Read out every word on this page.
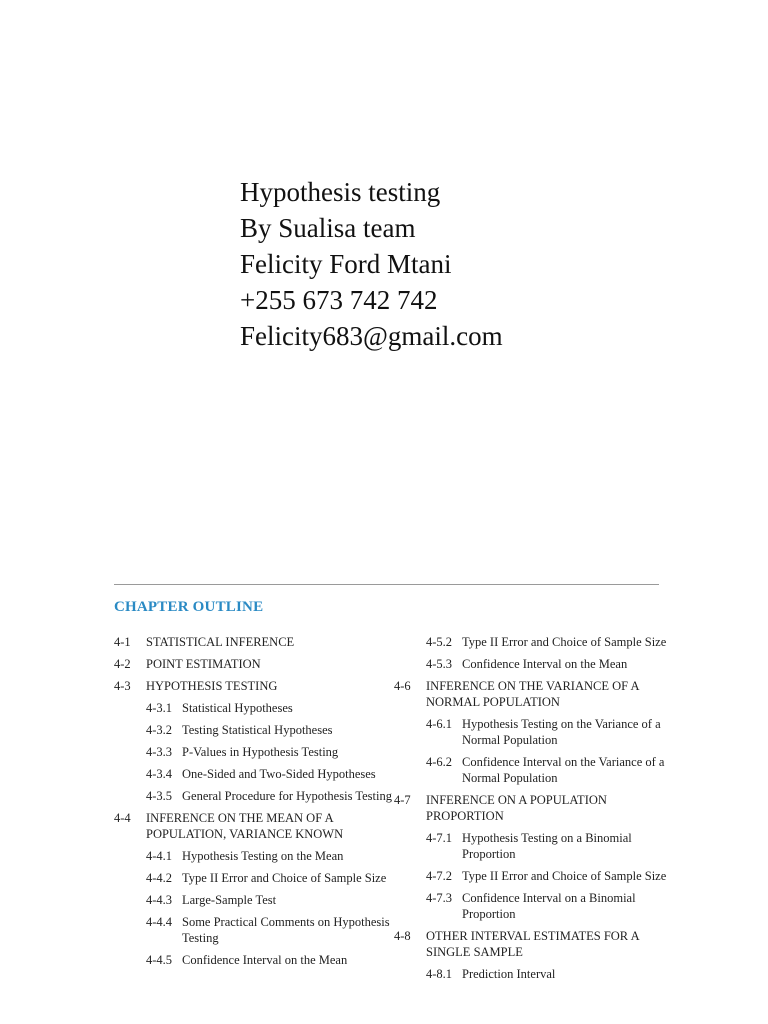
Hypothesis testing
By Sualisa team
Felicity Ford Mtani
+255 673 742 742
Felicity683@gmail.com
CHAPTER OUTLINE
4-1 STATISTICAL INFERENCE
4-2 POINT ESTIMATION
4-3 HYPOTHESIS TESTING
4-3.1 Statistical Hypotheses
4-3.2 Testing Statistical Hypotheses
4-3.3 P-Values in Hypothesis Testing
4-3.4 One-Sided and Two-Sided Hypotheses
4-3.5 General Procedure for Hypothesis Testing
4-4 INFERENCE ON THE MEAN OF A POPULATION, VARIANCE KNOWN
4-4.1 Hypothesis Testing on the Mean
4-4.2 Type II Error and Choice of Sample Size
4-4.3 Large-Sample Test
4-4.4 Some Practical Comments on Hypothesis Testing
4-4.5 Confidence Interval on the Mean
4-5.2 Type II Error and Choice of Sample Size
4-5.3 Confidence Interval on the Mean
4-6 INFERENCE ON THE VARIANCE OF A NORMAL POPULATION
4-6.1 Hypothesis Testing on the Variance of a Normal Population
4-6.2 Confidence Interval on the Variance of a Normal Population
4-7 INFERENCE ON A POPULATION PROPORTION
4-7.1 Hypothesis Testing on a Binomial Proportion
4-7.2 Type II Error and Choice of Sample Size
4-7.3 Confidence Interval on a Binomial Proportion
4-8 OTHER INTERVAL ESTIMATES FOR A SINGLE SAMPLE
4-8.1 Prediction Interval
